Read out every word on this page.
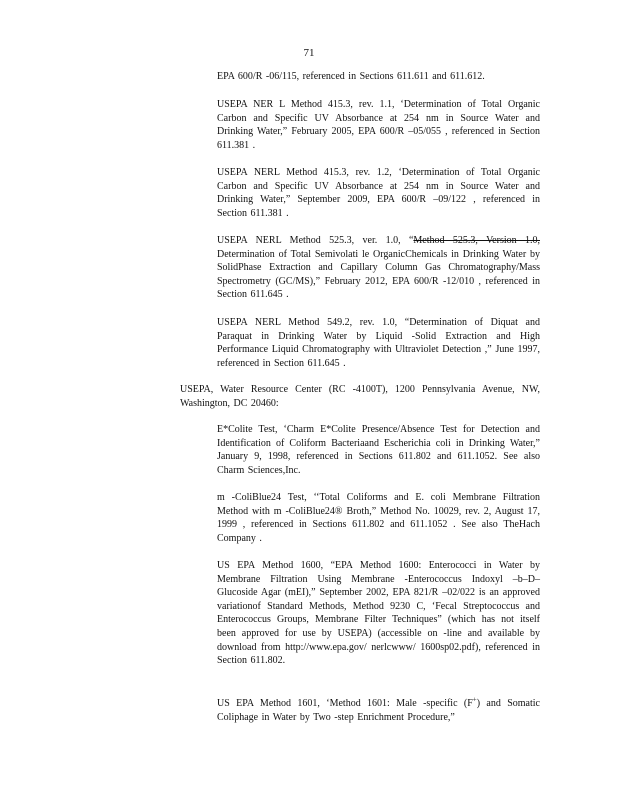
71

EPA 600/R -06/115, referenced in Sections 611.611 and 611.612.

USEPA NER L Method 415.3, rev. 1.1, ‘Determination of Total Organic Carbon and Specific UV Absorbance at 254 nm in Source Water and Drinking Water,” February 2005, EPA 600/R –05/055 , referenced in Section 611.381 .

USEPA NERL Method 415.3, rev. 1.2, ‘Determination of Total Organic Carbon and Specific UV Absorbance at 254 nm in Source Water and Drinking Water,” September 2009, EPA 600/R –09/122 , referenced in Section 611.381 .

USEPA NERL Method 525.3, ver. 1.0, “Method 525.3, Version 1.0, Determination of Total Semivolati le OrganicChemicals in Drinking Water by SolidPhase Extraction and Capillary Column Gas Chromatography/Mass Spectrometry (GC/MS),” February 2012, EPA 600/R -12/010 , referenced in Section 611.645 .

USEPA NERL Method 549.2, rev. 1.0, “Determination of Diquat and Paraquat in Drinking Water by Liquid -Solid Extraction and High Performance Liquid Chromatography with Ultraviolet Detection ,” June 1997, referenced in Section 611.645 .

USEPA, Water Resource Center (RC -4100T), 1200 Pennsylvania Avenue, NW, Washington, DC 20460:

E*Colite Test, ‘Charm E*Colite Presence/Absence Test for Detection and Identification of Coliform Bacteriaand Escherichia coli in Drinking Water,” January 9, 1998, referenced in Sections 611.802 and 611.1052. See also Charm Sciences,Inc.

m -ColiBlue24 Test, ‘‘Total Coliforms and E. coli Membrane Filtration Method with m -ColiBlue24® Broth,” Method No. 10029, rev. 2, August 17, 1999 , referenced in Sections 611.802 and 611.1052 . See also TheHach Company .

US EPA Method 1600, “EPA Method 1600: Enterococci in Water by Membrane Filtration Using Membrane -Enterococcus Indoxyl –b–D–Glucoside Agar (mEI),” September 2002, EPA 821/R –02/022 is an approved variationof Standard Methods, Method 9230 C, ‘Fecal Streptococcus and Enterococcus Groups, Membrane Filter Techniques” (which has not itself been approved for use by USEPA) (accessible on -line and available by download from http://www.epa.gov/ nerlcwww/ 1600sp02.pdf), referenced in Section 611.802.

US EPA Method 1601, ‘Method 1601: Male -specific (F+) and Somatic Coliphage in Water by Two -step Enrichment Procedure,”
